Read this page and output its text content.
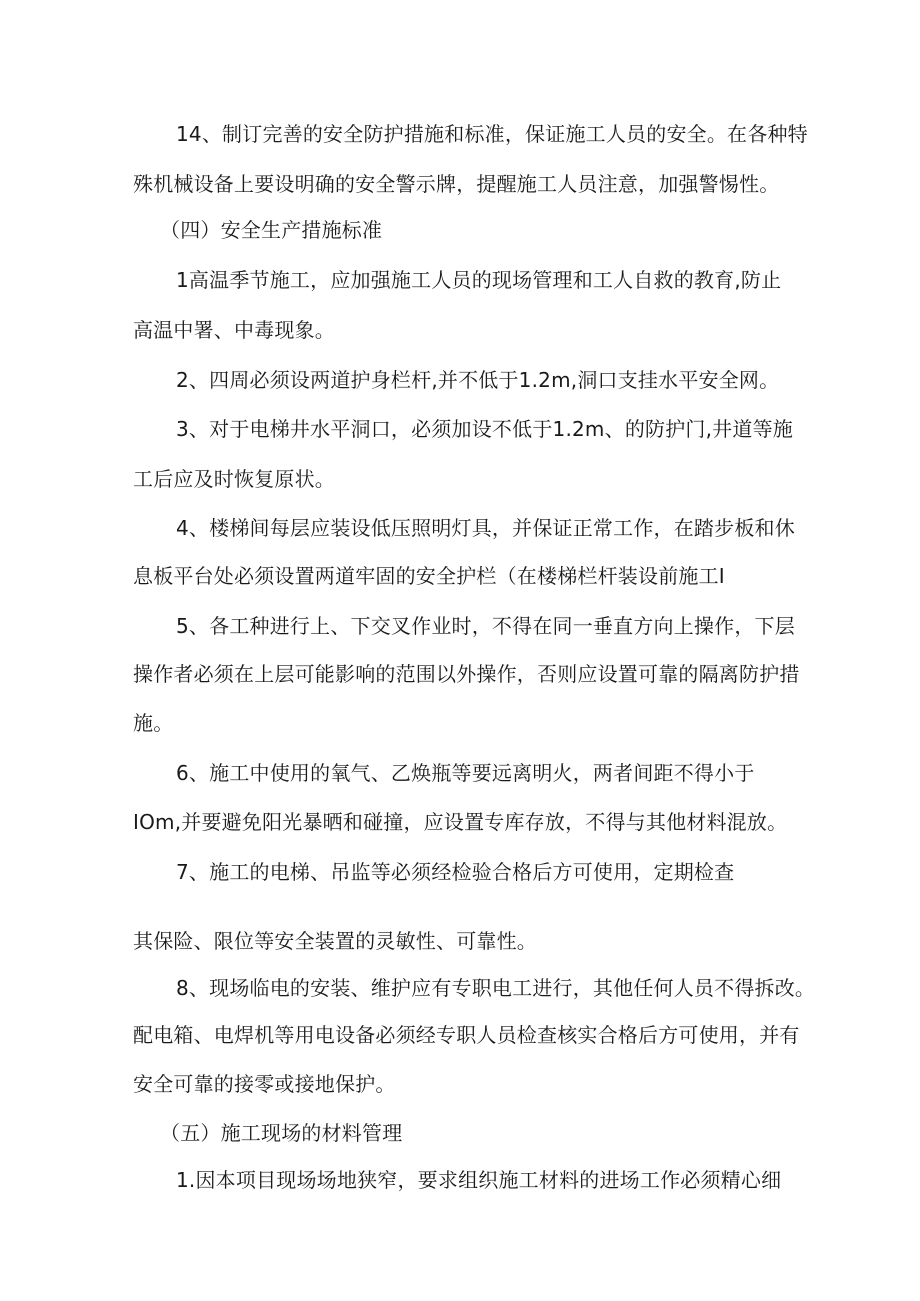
14、制订完善的安全防护措施和标准，保证施工人员的安全。在各种特
殊机械设备上要设明确的安全警示牌，提醒施工人员注意，加强警惕性。
（四）安全生产措施标准
1高温季节施工，应加强施工人员的现场管理和工人自救的教育,防止
高温中署、中毒现象。
2、四周必须设两道护身栏杆,并不低于1.2m,洞口支挂水平安全网。
3、对于电梯井水平洞口，必须加设不低于1.2m、的防护门,井道等施
工后应及时恢复原状。
4、楼梯间每层应装设低压照明灯具，并保证正常工作，在踏步板和休
息板平台处必须设置两道牢固的安全护栏（在楼梯栏杆装设前施工I
5、各工种进行上、下交叉作业时，不得在同一垂直方向上操作，下层
操作者必须在上层可能影响的范围以外操作，否则应设置可靠的隔离防护措
施。
6、施工中使用的氧气、乙焕瓶等要远离明火，两者间距不得小于
IOm,并要避免阳光暴晒和碰撞，应设置专库存放，不得与其他材料混放。
7、施工的电梯、吊监等必须经检验合格后方可使用，定期检查
其保险、限位等安全装置的灵敏性、可靠性。
8、现场临电的安装、维护应有专职电工进行，其他任何人员不得拆改。
配电箱、电焊机等用电设备必须经专职人员检查核实合格后方可使用，并有
安全可靠的接零或接地保护。
（五）施工现场的材料管理
1.因本项目现场场地狭窄，要求组织施工材料的进场工作必须精心细
